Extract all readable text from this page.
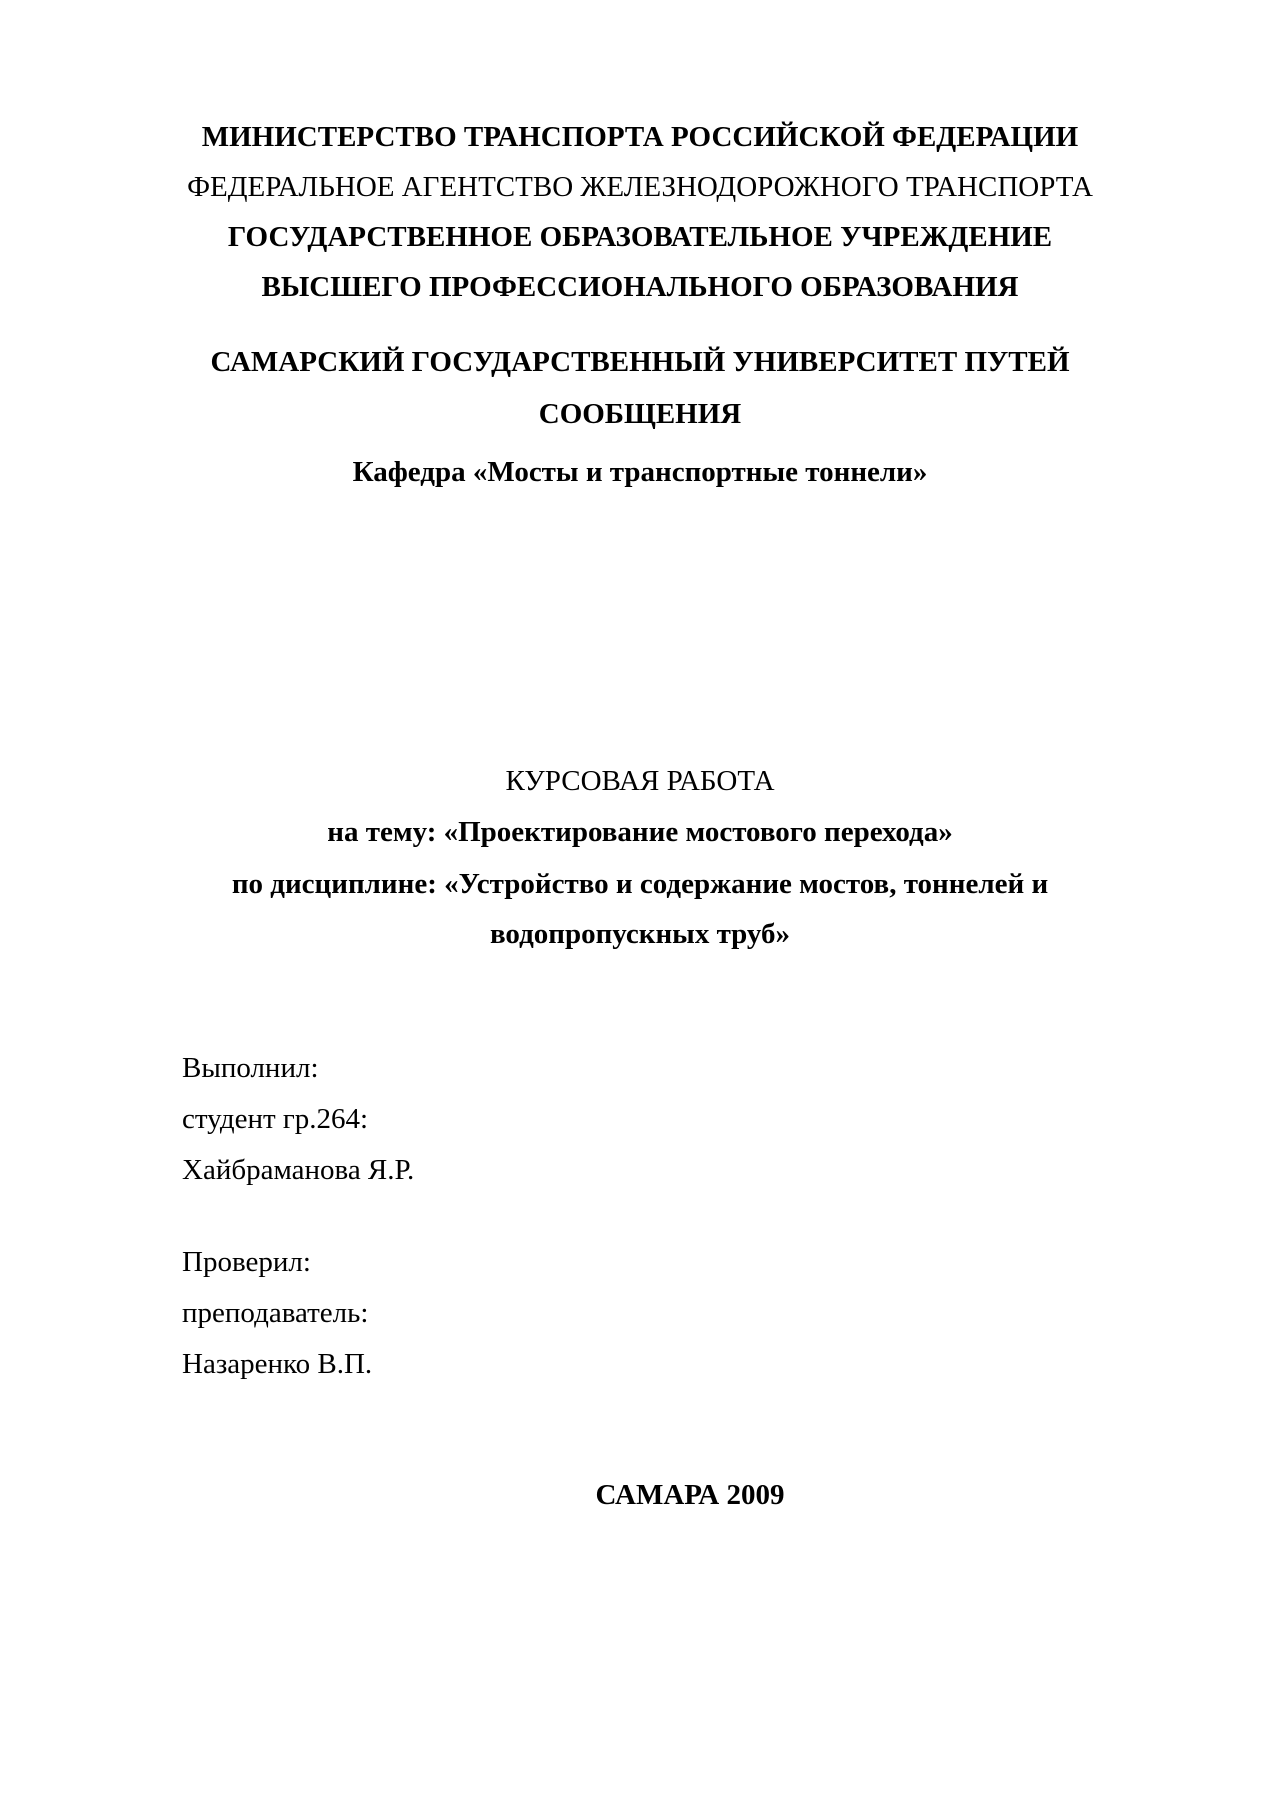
МИНИСТЕРСТВО ТРАНСПОРТА РОССИЙСКОЙ ФЕДЕРАЦИИ
ФЕДЕРАЛЬНОЕ АГЕНТСТВО ЖЕЛЕЗНОДОРОЖНОГО ТРАНСПОРТА
ГОСУДАРСТВЕННОЕ ОБРАЗОВАТЕЛЬНОЕ УЧРЕЖДЕНИЕ
ВЫСШЕГО ПРОФЕССИОНАЛЬНОГО ОБРАЗОВАНИЯ
САМАРСКИЙ ГОСУДАРСТВЕННЫЙ УНИВЕРСИТЕТ ПУТЕЙ
СООБЩЕНИЯ
Кафедра «Мосты и транспортные тоннели»
КУРСОВАЯ РАБОТА
на тему: «Проектирование мостового перехода»
по дисциплине: «Устройство и содержание мостов, тоннелей и
водопропускных труб»
Выполнил:
студент гр.264:
Хайбраманова Я.Р.
Проверил:
преподаватель:
Назаренко В.П.
САМАРА 2009
